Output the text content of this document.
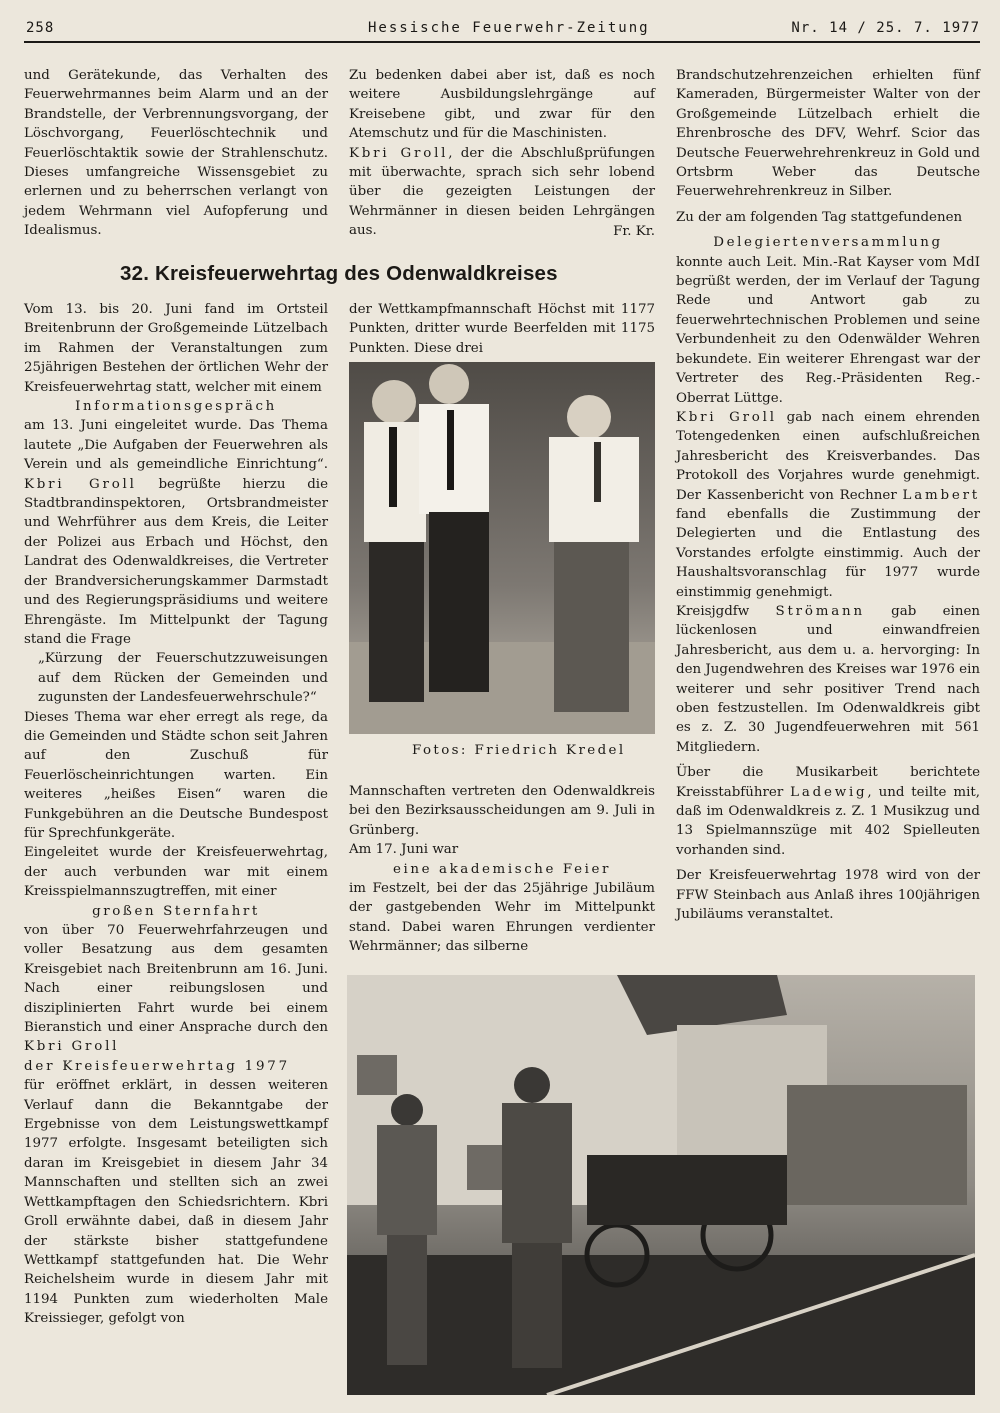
258	Hessische Feuerwehr-Zeitung	Nr. 14 / 25. 7. 1977

und Gerätekunde, das Verhalten des Feuerwehrmannes beim Alarm und an der Brandstelle, der Verbrennungsvorgang, der Löschvorgang, Feuerlöschtechnik und Feuerlöschtaktik sowie der Strahlenschutz. Dieses umfangreiche Wissensgebiet zu erlernen und zu beherrschen verlangt von jedem Wehrmann viel Aufopferung und Idealismus.

Zu bedenken dabei aber ist, daß es noch weitere Ausbildungslehrgänge auf Kreisebene gibt, und zwar für den Atemschutz und für die Maschinisten.

Kbri Groll, der die Abschlußprüfungen mit überwachte, sprach sich sehr lobend über die gezeigten Leistungen der Wehrmänner in diesen beiden Lehrgängen aus.	Fr. Kr.

32. Kreisfeuerwehrtag des Odenwaldkreises

Vom 13. bis 20. Juni fand im Ortsteil Breitenbrunn der Großgemeinde Lützelbach im Rahmen der Veranstaltungen zum 25jährigen Bestehen der örtlichen Wehr der Kreisfeuerwehrtag statt, welcher mit einem

Informationsgespräch

am 13. Juni eingeleitet wurde. Das Thema lautete „Die Aufgaben der Feuerwehren als Verein und als gemeindliche Einrichtung“. Kbri Groll begrüßte hierzu die Stadtbrandinspektoren, Ortsbrandmeister und Wehrführer aus dem Kreis, die Leiter der Polizei aus Erbach und Höchst, den Landrat des Odenwaldkreises, die Vertreter der Brandversicherungskammer Darmstadt und des Regierungspräsidiums und weitere Ehrengäste. Im Mittelpunkt der Tagung stand die Frage

„Kürzung der Feuerschutzzuweisungen auf dem Rücken der Gemeinden und zugunsten der Landesfeuerwehrschule?“

Dieses Thema war eher erregt als rege, da die Gemeinden und Städte schon seit Jahren auf den Zuschuß für Feuerlöscheinrichtungen warten. Ein weiteres „heißes Eisen“ waren die Funkgebühren an die Deutsche Bundespost für Sprechfunkgeräte.

Eingeleitet wurde der Kreisfeuerwehrtag, der auch verbunden war mit einem Kreisspielmannszugtreffen, mit einer

großen Sternfahrt

von über 70 Feuerwehrfahrzeugen und voller Besatzung aus dem gesamten Kreisgebiet nach Breitenbrunn am 16. Juni. Nach einer reibungslosen und disziplinierten Fahrt wurde bei einem Bieranstich und einer Ansprache durch den Kbri Groll

der Kreisfeuerwehrtag 1977

für eröffnet erklärt, in dessen weiteren Verlauf dann die Bekanntgabe der Ergebnisse von dem Leistungswettkampf 1977 erfolgte. Insgesamt beteiligten sich daran im Kreisgebiet in diesem Jahr 34 Mannschaften und stellten sich an zwei Wettkampftagen den Schiedsrichtern. Kbri Groll erwähnte dabei, daß in diesem Jahr der stärkste bisher stattgefundene Wettkampf stattgefunden hat. Die Wehr Reichelsheim wurde in diesem Jahr mit 1194 Punkten zum wiederholten Male Kreissieger, gefolgt von

der Wettkampfmannschaft Höchst mit 1177 Punkten, dritter wurde Beerfelden mit 1175 Punkten. Diese drei

Fotos: Friedrich Kredel

Mannschaften vertreten den Odenwaldkreis bei den Bezirksausscheidungen am 9. Juli in Grünberg.

Am 17. Juni war

eine akademische Feier

im Festzelt, bei der das 25jährige Jubiläum der gastgebenden Wehr im Mittelpunkt stand. Dabei waren Ehrungen verdienter Wehrmänner; das silberne

Brandschutzehrenzeichen erhielten fünf Kameraden, Bürgermeister Walter von der Großgemeinde Lützelbach erhielt die Ehrenbrosche des DFV, Wehrf. Scior das Deutsche Feuerwehrehrenkreuz in Gold und Ortsbrm Weber das Deutsche Feuerwehrehrenkreuz in Silber.

Zu der am folgenden Tag stattgefundenen

Delegiertenversammlung

konnte auch Leit. Min.-Rat Kayser vom MdI begrüßt werden, der im Verlauf der Tagung Rede und Antwort gab zu feuerwehrtechnischen Problemen und seine Verbundenheit zu den Odenwälder Wehren bekundete. Ein weiterer Ehrengast war der Vertreter des Reg.-Präsidenten Reg.-Oberrat Lüttge.

Kbri Groll gab nach einem ehrenden Totengedenken einen aufschlußreichen Jahresbericht des Kreisverbandes. Das Protokoll des Vorjahres wurde genehmigt. Der Kassenbericht von Rechner Lambert fand ebenfalls die Zustimmung der Delegierten und die Entlastung des Vorstandes erfolgte einstimmig. Auch der Haushaltsvoranschlag für 1977 wurde einstimmig genehmigt.

Kreisjgdfw Strömann gab einen lückenlosen und einwandfreien Jahresbericht, aus dem u. a. hervorging: In den Jugendwehren des Kreises war 1976 ein weiterer und sehr positiver Trend nach oben festzustellen. Im Odenwaldkreis gibt es z. Z. 30 Jugendfeuerwehren mit 561 Mitgliedern.

Über die Musikarbeit berichtete Kreisstabführer Ladewig, und teilte mit, daß im Odenwaldkreis z. Z. 1 Musikzug und 13 Spielmannszüge mit 402 Spielleuten vorhanden sind.

Der Kreisfeuerwehrtag 1978 wird von der FFW Steinbach aus Anlaß ihres 100jährigen Jubiläums veranstaltet.
